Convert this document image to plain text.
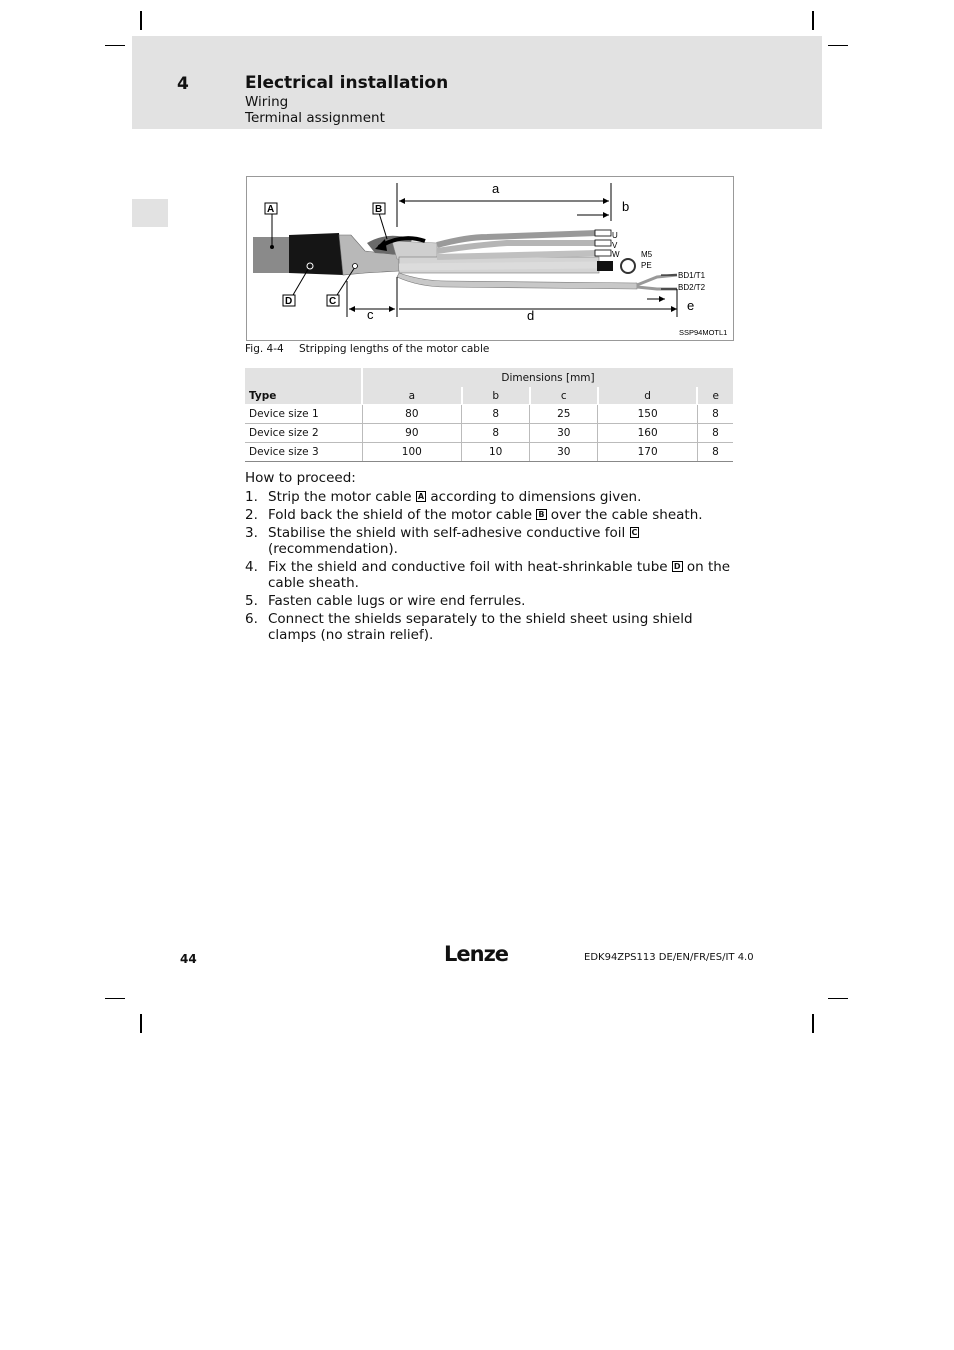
4	Electrical installation
Wiring
Terminal assignment
A	B
D	C
a
b
c	d
e
U
V
W	M5
PE
BD1/T1
BD2/T2
SSP94MOTL1
Fig. 4-4 Stripping lengths of the motor cable
	Dimensions [mm]				
Type	a	b	c	d	e
Device size 1	80	8	25	150	8
Device size 2	90	8	30	160	8
Device size 3	100	10	30	170	8
How to proceed:
1. Strip the motor cable A according to dimensions given.
2. Fold back the shield of the motor cable B over the cable sheath.
3. Stabilise the shield with self-adhesive conductive foil C (recommendation).
4. Fix the shield and conductive foil with heat-shrinkable tube D on the cable sheath.
5. Fasten cable lugs or wire end ferrules.
6. Connect the shields separately to the shield sheet using shield clamps (no strain relief).
44	Lenze	EDK94ZPS113 DE/EN/FR/ES/IT 4.0
